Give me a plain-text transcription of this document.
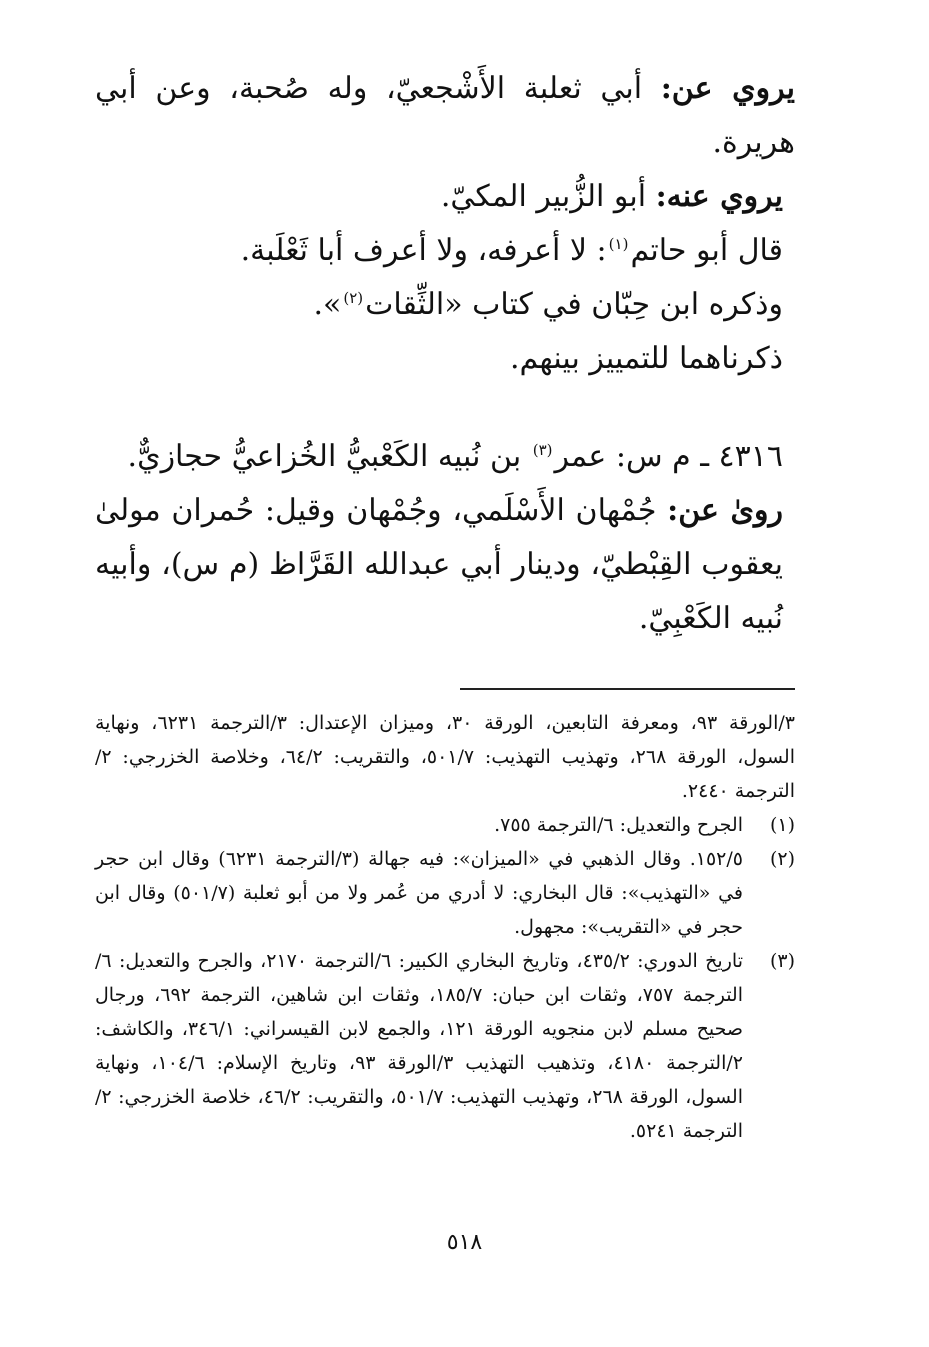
يروي عن: أبي ثعلبة الأَشْجعيّ، وله صُحبة، وعن أبي هريرة.

يروي عنه: أبو الزُّبير المكيّ.

قال أبو حاتم$^{(١)}$: لا أعرفه، ولا أعرف أبا ثَعْلَبة.

وذكره ابن حِبّان في كتاب «الثِّقات$^{(٢)}$».

ذكرناهما للتمييز بينهم.

٤٣١٦ ـ م س: عمر$^{(٣)}$ بن نُبيه الكَعْبيُّ الخُزاعيُّ حجازيٌّ.

روىٰ عن: جُمْهان الأَسْلَمي، وجُمْهان وقيل: حُمران مولىٰ يعقوب القِبْطيّ، ودينار أبي عبدالله القَرَّاظ (م س)، وأبيه نُبيه الكَعْبِيّ.

٣/الورقة ٩٣، ومعرفة التابعين، الورقة ٣٠، وميزان الإعتدال: ٣/الترجمة ٦٢٣١، ونهاية السول، الورقة ٢٦٨، وتهذيب التهذيب: ٥٠١/٧، والتقريب: ٦٤/٢، وخلاصة الخزرجي: ٢/الترجمة ٢٤٤٠.
(١)
الجرح والتعديل: ٦/الترجمة ٧٥٥.
(٢)
١٥٢/٥. وقال الذهبي في «الميزان»: فيه جهالة (٣/الترجمة ٦٢٣١) وقال ابن حجر في «التهذيب»: قال البخاري: لا أدري من عُمر ولا من أبو ثعلبة (٥٠١/٧) وقال ابن حجر في «التقريب»: مجهول.
(٣)
تاريخ الدوري: ٤٣٥/٢، وتاريخ البخاري الكبير: ٦/الترجمة ٢١٧٠، والجرح والتعديل: ٦/الترجمة ٧٥٧، وثقات ابن حبان: ١٨٥/٧، وثقات ابن شاهين، الترجمة ٦٩٢، ورجال صحيح مسلم لابن منجويه الورقة ١٢١، والجمع لابن القيسراني: ٣٤٦/١، والكاشف: ٢/الترجمة ٤١٨٠، وتذهيب التهذيب ٣/الورقة ٩٣، وتاريخ الإسلام: ١٠٤/٦، ونهاية السول، الورقة ٢٦٨، وتهذيب التهذيب: ٥٠١/٧، والتقريب: ٤٦/٢، خلاصة الخزرجي: ٢/الترجمة ٥٢٤١.
٥١٨
